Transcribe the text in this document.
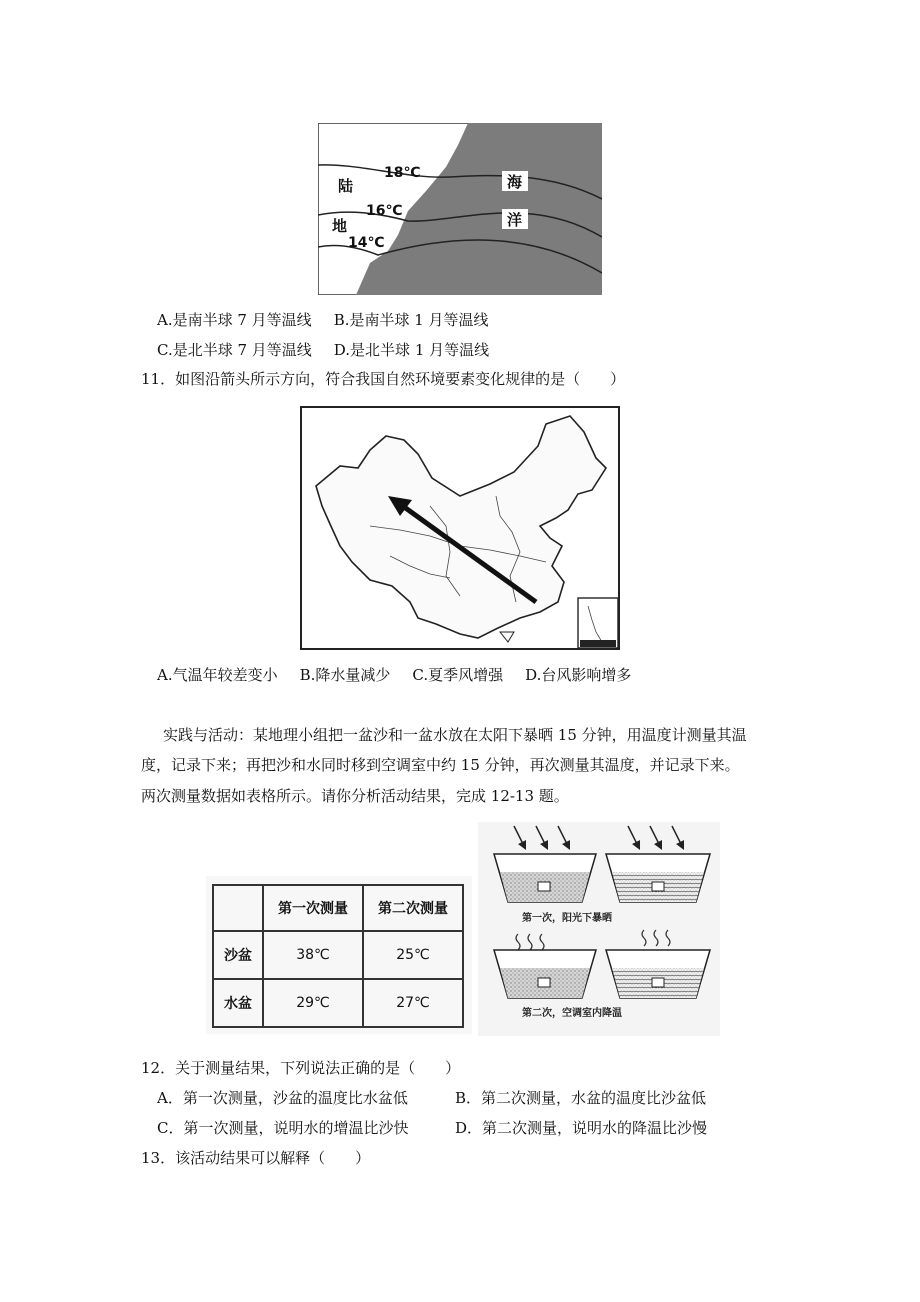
18℃
16℃
14℃
陆
地
海
洋
A.是南半球 7 月等温线 B.是南半球 1 月等温线
C.是北半球 7 月等温线 D.是北半球 1 月等温线
11．如图沿箭头所示方向，符合我国自然环境要素变化规律的是（　　）
A.气温年较差变小 B.降水量减少 C.夏季风增强 D.台风影响增多
实践与活动：某地理小组把一盆沙和一盆水放在太阳下暴晒 15 分钟，用温度计测量其温
度，记录下来；再把沙和水同时移到空调室中约 15 分钟，再次测量其温度，并记录下来。
两次测量数据如表格所示。请你分析活动结果，完成 12-13 题。
	第一次测量	第二次测量
沙盆	38℃	25℃
水盆	29℃	27℃
第一次，阳光下暴晒
第二次，空调室内降温
12．关于测量结果，下列说法正确的是（　　）
A．第一次测量，沙盆的温度比水盆低	B．第二次测量，水盆的温度比沙盆低
C．第一次测量，说明水的增温比沙快	D．第二次测量，说明水的降温比沙慢
13．该活动结果可以解释（　　）
